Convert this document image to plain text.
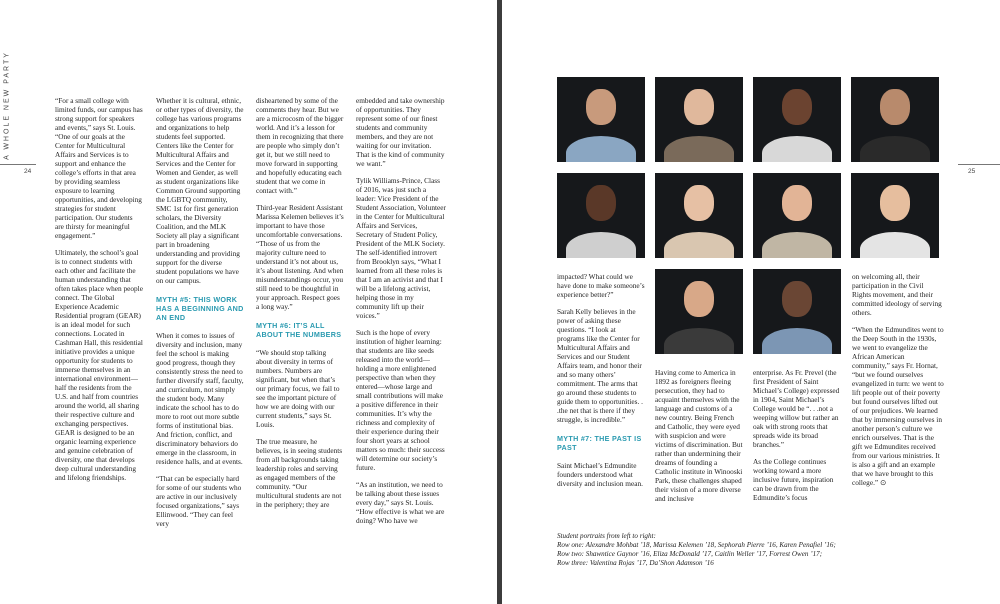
A WHOLE NEW PARTY
24

“For a small college with limited funds, our campus has strong support for speakers and events,” says St. Louis. “One of our goals at the Center for Multicultural Affairs and Services is to support and enhance the college’s efforts in that area by providing seamless exposure to learning opportunities, and developing strategies for student participation. Our students are thirsty for meaningful engagement.”

Ultimately, the school’s goal is to connect students with each other and facilitate the human understanding that often takes place when people connect. The Global Experience Academic Residential program (GEAR) is an ideal model for such connections. Located in Cashman Hall, this residential initiative provides a unique opportunity for students to immerse themselves in an international environment—half the residents from the U.S. and half from countries around the world, all sharing their respective culture and exchanging perspectives. GEAR is designed to be an organic learning experience and genuine celebration of diversity, one that develops deep cultural understanding and lifelong friendships.

Whether it is cultural, ethnic, or other types of diversity, the college has various programs and organizations to help students feel supported. Centers like the Center for Multicultural Affairs and Services and the Center for Women and Gender, as well as student organizations like Common Ground supporting the LGBTQ community, SMC 1st for first generation scholars, the Diversity Coalition, and the MLK Society all play a significant part in broadening understanding and providing support for the diverse student populations we have on our campus.

MYTH #5: THIS WORK HAS A BEGINNING AND AN END

When it comes to issues of diversity and inclusion, many feel the school is making good progress, though they consistently stress the need to further diversify staff, faculty, and curriculum, not simply the student body. Many indicate the school has to do more to root out more subtle forms of institutional bias. And friction, conflict, and discriminatory behaviors do emerge in the classroom, in residence halls, and at events.

“That can be especially hard for some of our students who are active in our inclusively focused organizations,” says Ellinwood. “They can feel very

disheartened by some of the comments they hear. But we are a microcosm of the bigger world. And it’s a lesson for them in recognizing that there are people who simply don’t get it, but we still need to move forward in supporting and hopefully educating each student that we come in contact with.”

Third-year Resident Assistant Marissa Kelemen believes it’s important to have those uncomfortable conversations. “Those of us from the majority culture need to understand it’s not about us, it’s about listening. And when misunderstandings occur, you still need to be thoughtful in your approach. Respect goes a long way.”

MYTH #6: IT’S ALL ABOUT THE NUMBERS

“We should stop talking about diversity in terms of numbers. Numbers are significant, but when that’s our primary focus, we fail to see the important picture of how we are doing with our current students,” says St. Louis.

The true measure, he believes, is in seeing students from all backgrounds taking leadership roles and serving as engaged members of the community. “Our multicultural students are not in the periphery; they are

embedded and take ownership of opportunities. They represent some of our finest students and community members, and they are not waiting for our invitation. That is the kind of community we want.”

Tylik Williams-Prince, Class of 2016, was just such a leader: Vice President of the Student Association, Volunteer in the Center for Multicultural Affairs and Services, Secretary of Student Policy, President of the MLK Society. The self-identified introvert from Brooklyn says, “What I learned from all these roles is that I am an activist and that I will be a lifelong activist, helping those in my community lift up their voices.”

Such is the hope of every institution of higher learning: that students are like seeds released into the world—holding a more enlightened perspective than when they entered—whose large and small contributions will make a positive difference in their communities. It’s why the richness and complexity of their experience during their four short years at school matters so much: their success will determine our society’s future.

“As an institution, we need to be talking about these issues every day,” says St. Louis. “How effective is what we are doing? Who have we

25

impacted? What could we have done to make someone’s experience better?”

Sarah Kelly believes in the power of asking these questions. “I look at programs like the Center for Multicultural Affairs and Services and our Student Affairs team, and honor their and so many others’ commitment. The arms that go around these students to guide them to opportunities. . .the net that is there if they struggle, is incredible.”

MYTH #7: THE PAST IS PAST

Saint Michael’s Edmundite founders understood what diversity and inclusion mean.

Having come to America in 1892 as foreigners fleeing persecution, they had to acquaint themselves with the language and customs of a new country. Being French and Catholic, they were eyed with suspicion and were victims of discrimination. But rather than undermining their dreams of founding a Catholic institute in Winooski Park, these challenges shaped their vision of a more diverse and inclusive

enterprise. As Fr. Prevel (the first President of Saint Michael’s College) expressed in 1904, Saint Michael’s College would be “. . .not a weeping willow but rather an oak with strong roots that spreads wide its broad branches.”

As the College continues working toward a more inclusive future, inspiration can be drawn from the Edmundite’s focus

on welcoming all, their participation in the Civil Rights movement, and their committed ideology of serving others.

“When the Edmundites went to the Deep South in the 1930s, we went to evangelize the African American community,” says Fr. Hornat, “but we found ourselves evangelized in turn: we went to lift people out of their poverty but found ourselves lifted out of our prejudices. We learned that by immersing ourselves in another person’s culture we enrich ourselves. That is the gift we Edmundites received from our various ministries. It is also a gift and an example that we have brought to this college.” ⊙

Student portraits from left to right:
Row one: Alexandre Mohbat ’18, Marissa Kelemen ’18, Sephorah Pierre ’16, Karen Penafiel ’16;
Row two: Shawntice Gaynor ’16, Eliza McDonald ’17, Caitlin Weller ’17, Forrest Owen ’17;
Row three: Valentina Rojas ’17, Da’Shon Adamson ’16
